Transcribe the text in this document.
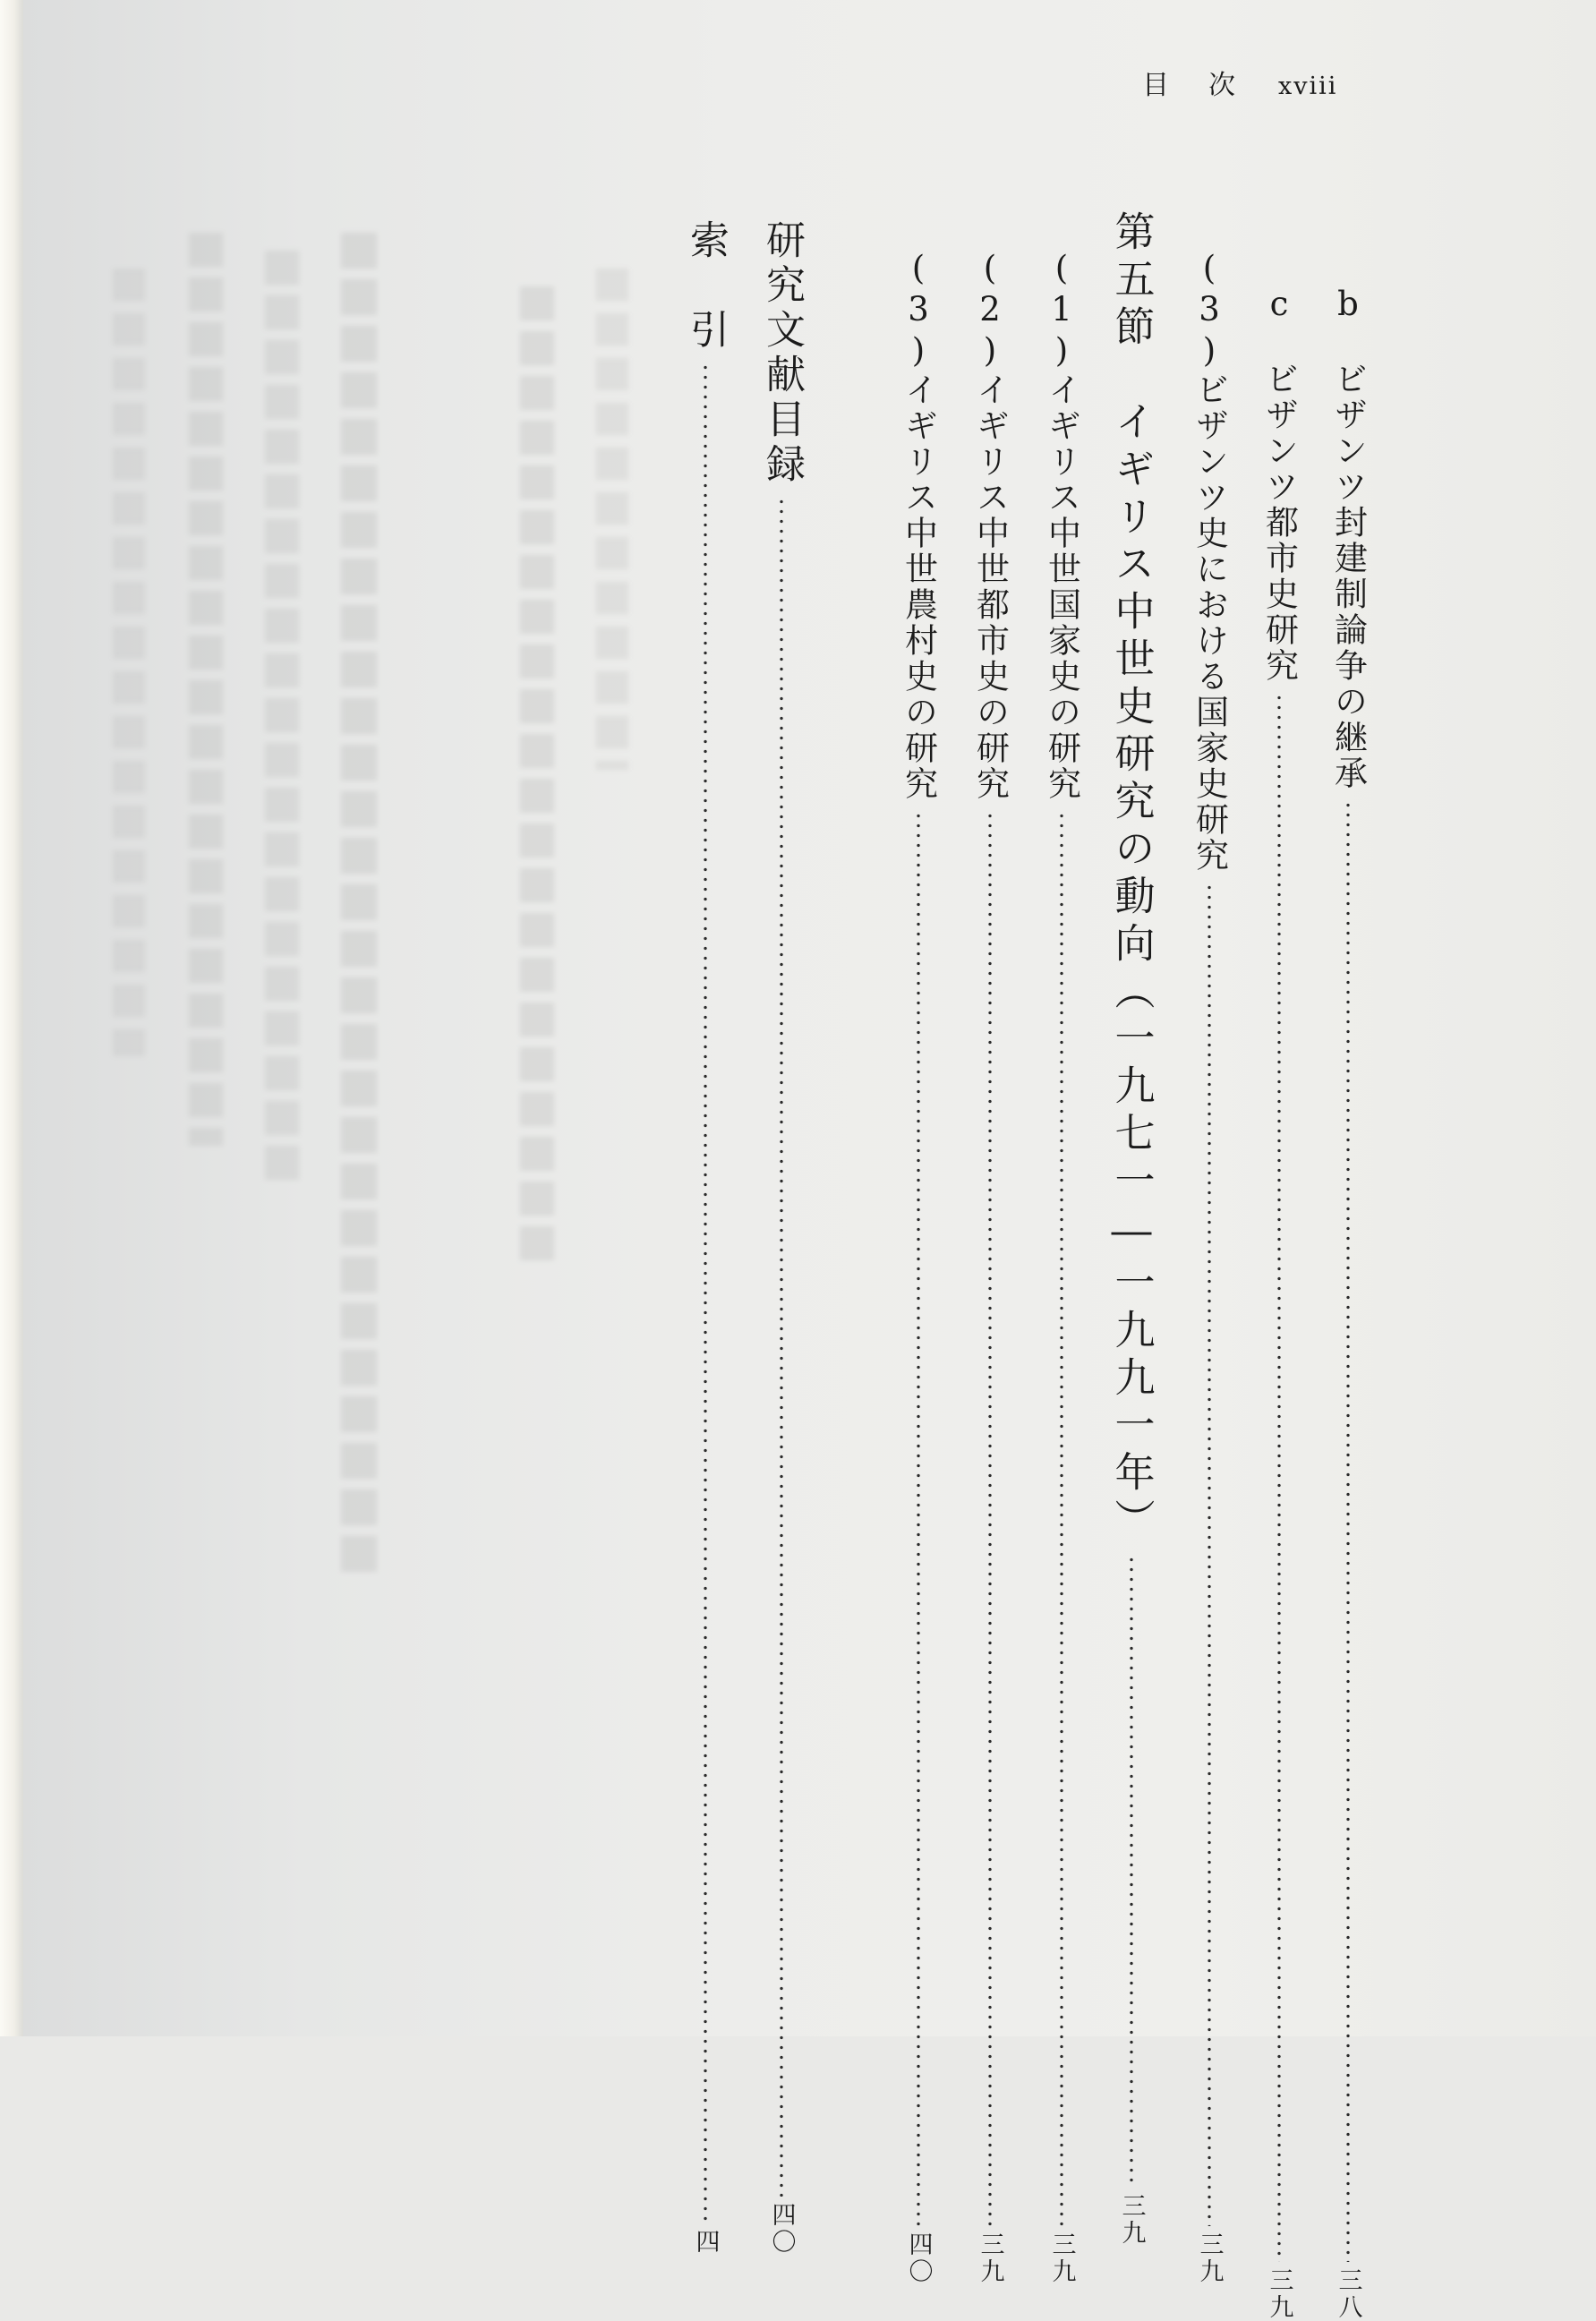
目次 xviii
b　ビザンツ封建制論争の継承
三八
c　ビザンツ都市史研究
三九
(3)ビザンツ史における国家史研究
三九
第五節　イギリス中世史研究の動向（一九七一―一九九一年）
三九
(1)イギリス中世国家史の研究
三九
(2)イギリス中世都市史の研究
三九
(3)イギリス中世農村史の研究
四〇
研究文献目録
四〇
索　引
四
